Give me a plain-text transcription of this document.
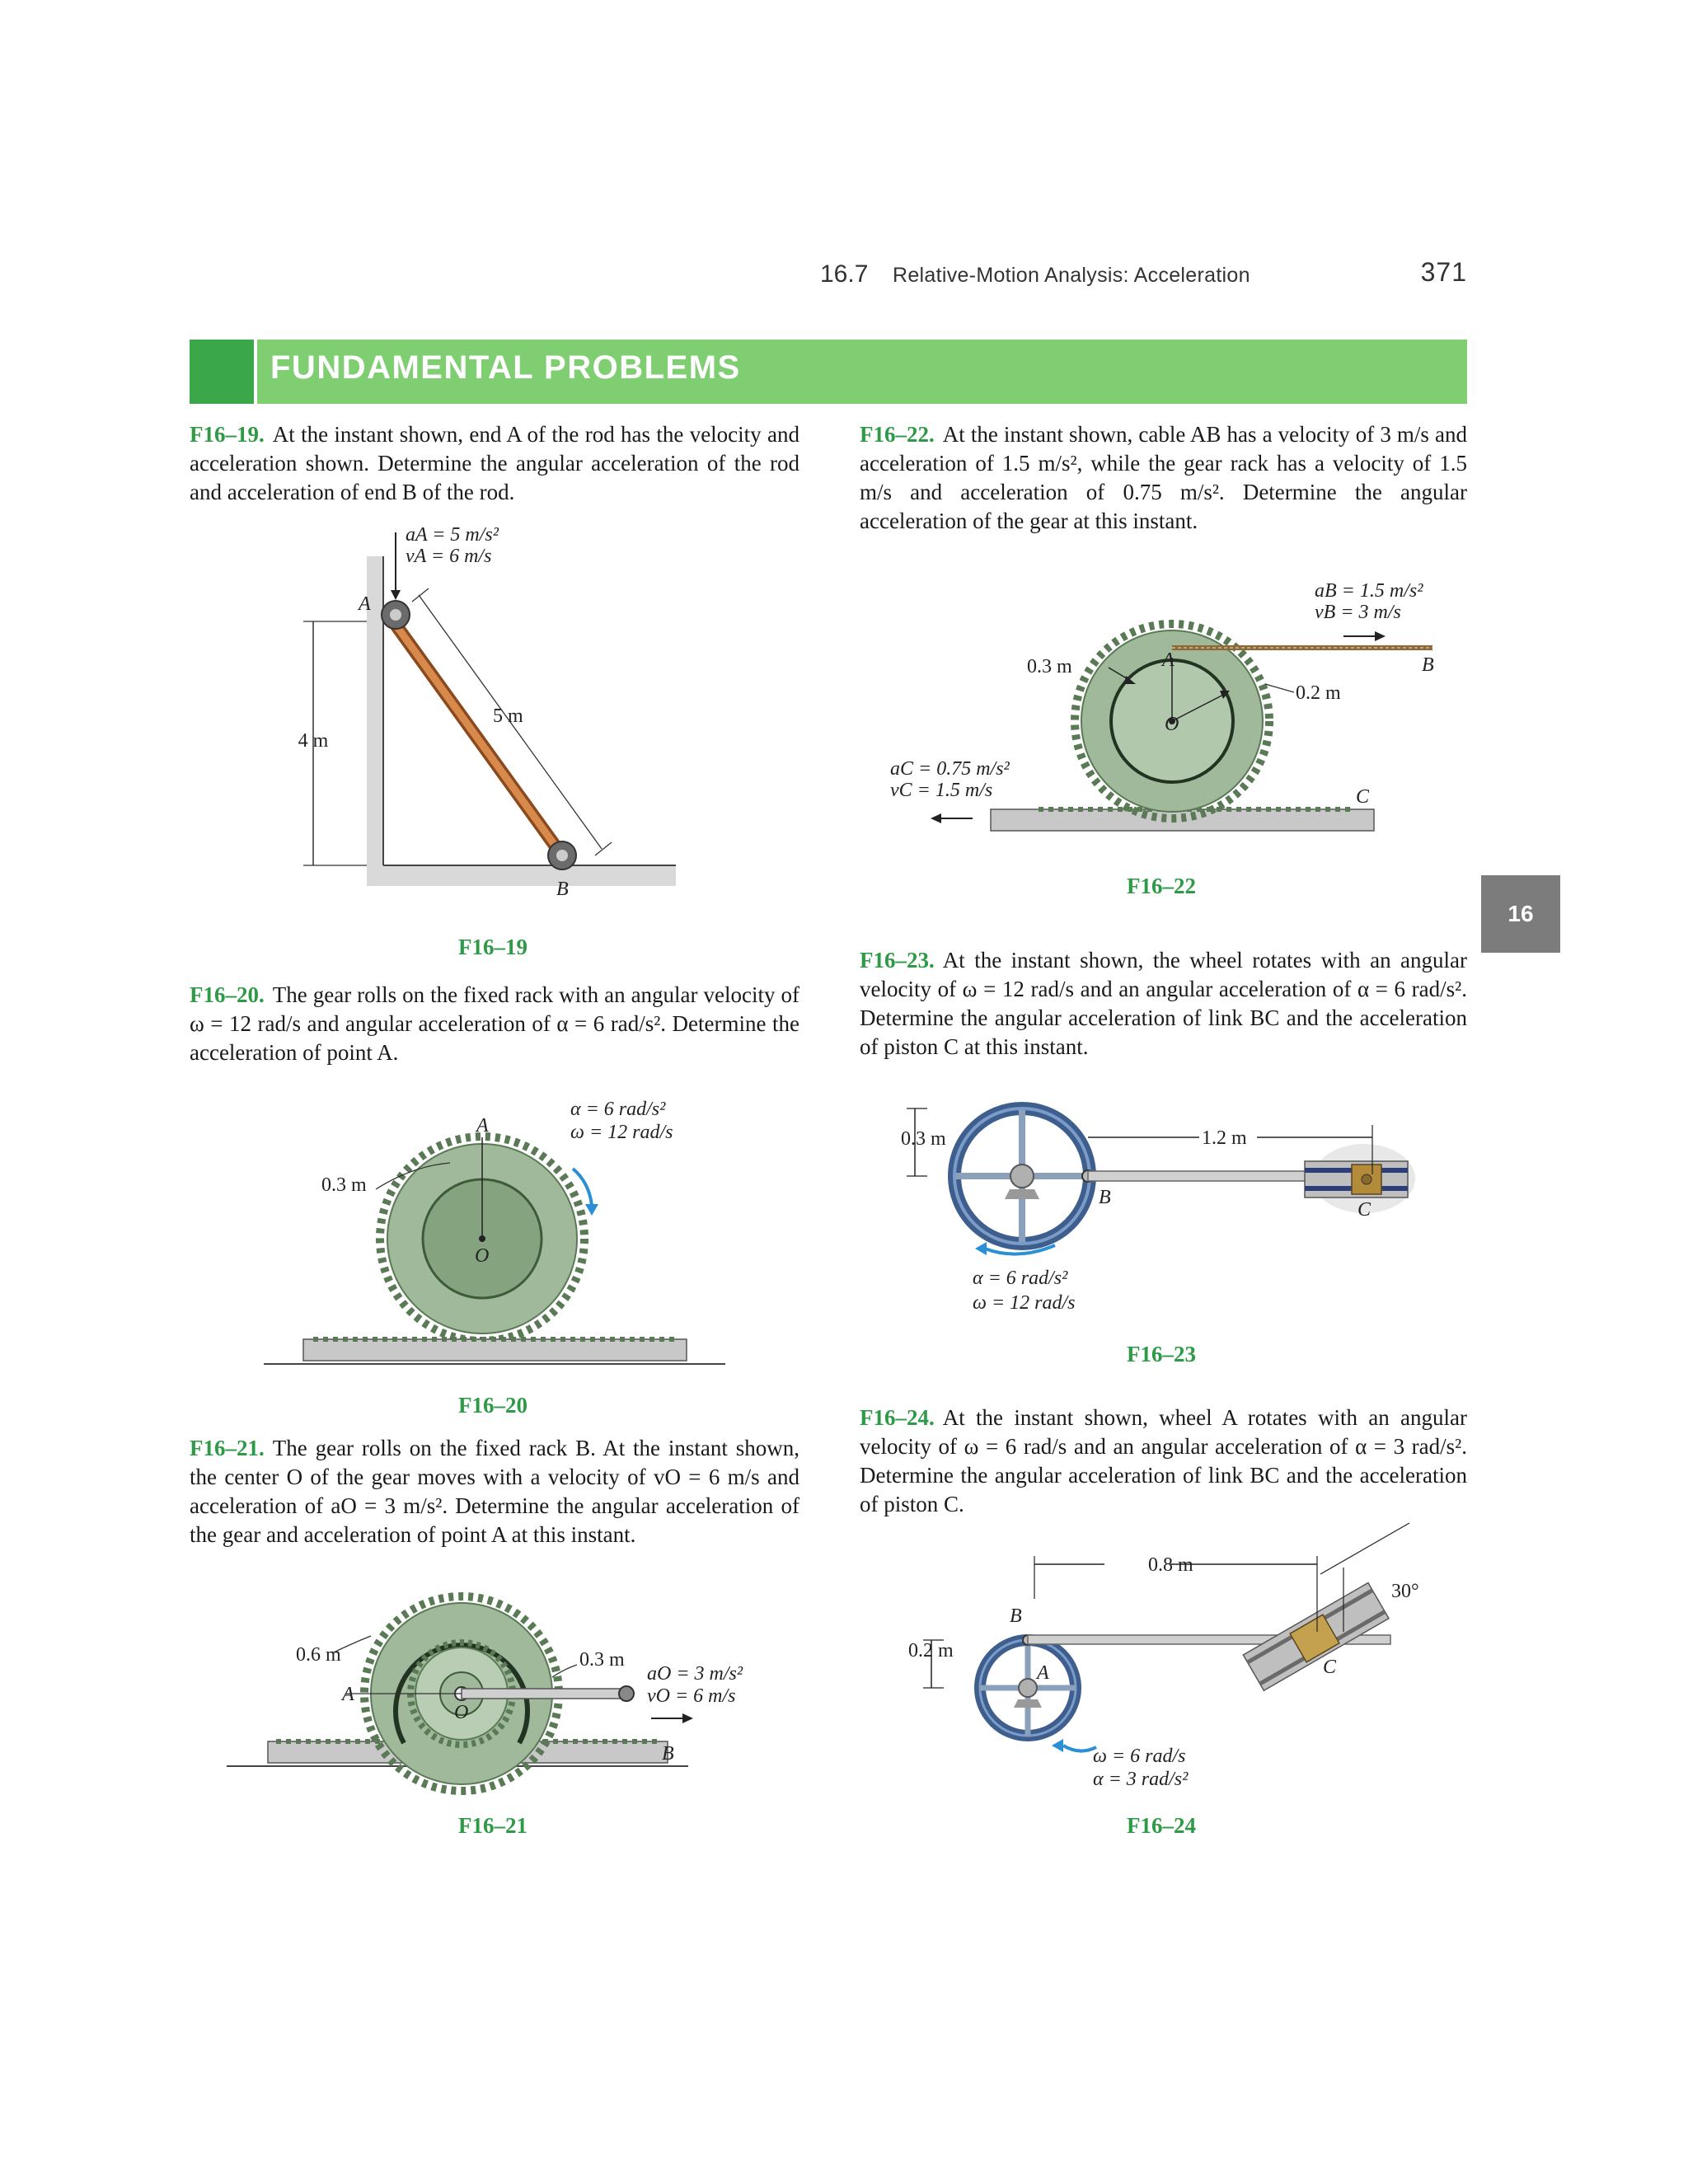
16.7 Relative-Motion Analysis: Acceleration	371
FUNDAMENTAL PROBLEMS
16
F16–19. At the instant shown, end A of the rod has the velocity and acceleration shown. Determine the angular acceleration of the rod and acceleration of end B of the rod.
aA = 5 m/s²
vA = 6 m/s
A
B
5 m
4 m
F16–19
F16–20. The gear rolls on the fixed rack with an angular velocity of ω = 12 rad/s and angular acceleration of α = 6 rad/s². Determine the acceleration of point A.
A
O
0.3 m
α = 6 rad/s²
ω = 12 rad/s
F16–20
F16–21. The gear rolls on the fixed rack B. At the instant shown, the center O of the gear moves with a velocity of vO = 6 m/s and acceleration of aO = 3 m/s². Determine the angular acceleration of the gear and acceleration of point A at this instant.
0.6 m	0.3 m
A
O
B
aO = 3 m/s²
vO = 6 m/s
F16–21
F16–22. At the instant shown, cable AB has a velocity of 3 m/s and acceleration of 1.5 m/s², while the gear rack has a velocity of 1.5 m/s and acceleration of 0.75 m/s². Determine the angular acceleration of the gear at this instant.
0.3 m
0.2 m
A
O
B
C
aB = 1.5 m/s²
vB = 3 m/s
aC = 0.75 m/s²
vC = 1.5 m/s
F16–22
F16–23. At the instant shown, the wheel rotates with an angular velocity of ω = 12 rad/s and an angular acceleration of α = 6 rad/s². Determine the angular acceleration of link BC and the acceleration of piston C at this instant.
0.3 m	1.2 m
B
C
α = 6 rad/s²
ω = 12 rad/s
F16–23
F16–24. At the instant shown, wheel A rotates with an angular velocity of ω = 6 rad/s and an angular acceleration of α = 3 rad/s². Determine the angular acceleration of link BC and the acceleration of piston C.
0.8 m
30°
0.2 m
A
B
C
ω = 6 rad/s
α = 3 rad/s²
F16–24
